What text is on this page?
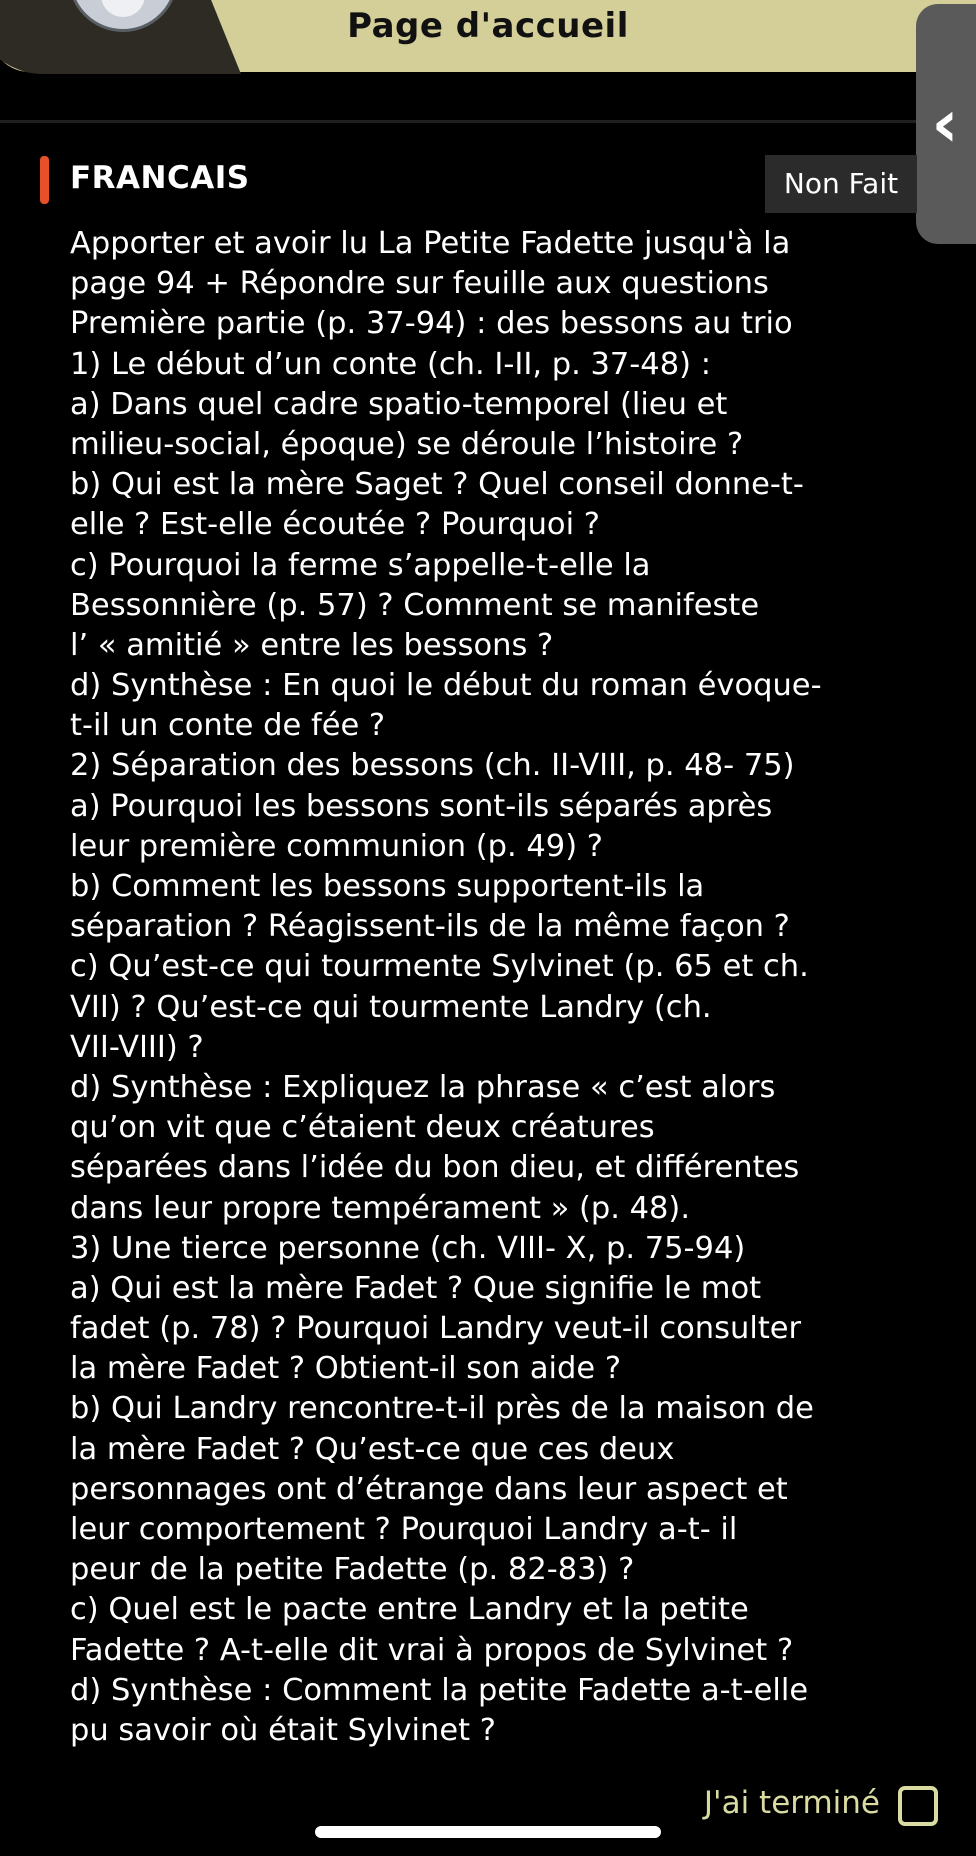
Page d'accueil
‹
FRANCAIS	Non Fait
Apporter et avoir lu La Petite Fadette jusqu'à la
page 94 + Répondre sur feuille aux questions
Première partie (p. 37-94) : des bessons au trio
1) Le début d’un conte (ch. I-II, p. 37-48) :
a) Dans quel cadre spatio-temporel (lieu et
milieu-social, époque) se déroule l’histoire ?
b) Qui est la mère Saget ? Quel conseil donne-t-
elle ? Est-elle écoutée ? Pourquoi ?
c) Pourquoi la ferme s’appelle-t-elle la
Bessonnière (p. 57) ? Comment se manifeste
l’ « amitié » entre les bessons ?
d) Synthèse : En quoi le début du roman évoque-
t-il un conte de fée ?
2) Séparation des bessons (ch. II-VIII, p. 48- 75)
a) Pourquoi les bessons sont-ils séparés après
leur première communion (p. 49) ?
b) Comment les bessons supportent-ils la
séparation ? Réagissent-ils de la même façon ?
c) Qu’est-ce qui tourmente Sylvinet (p. 65 et ch.
VII) ? Qu’est-ce qui tourmente Landry (ch.
VII-VIII) ?
d) Synthèse : Expliquez la phrase « c’est alors
qu’on vit que c’étaient deux créatures
séparées dans l’idée du bon dieu, et différentes
dans leur propre tempérament » (p. 48).
3) Une tierce personne (ch. VIII- X, p. 75-94)
a) Qui est la mère Fadet ? Que signifie le mot
fadet (p. 78) ? Pourquoi Landry veut-il consulter
la mère Fadet ? Obtient-il son aide ?
b) Qui Landry rencontre-t-il près de la maison de
la mère Fadet ? Qu’est-ce que ces deux
personnages ont d’étrange dans leur aspect et
leur comportement ? Pourquoi Landry a-t- il
peur de la petite Fadette (p. 82-83) ?
c) Quel est le pacte entre Landry et la petite
Fadette ? A-t-elle dit vrai à propos de Sylvinet ?
d) Synthèse : Comment la petite Fadette a-t-elle
pu savoir où était Sylvinet ?
J'ai terminé
